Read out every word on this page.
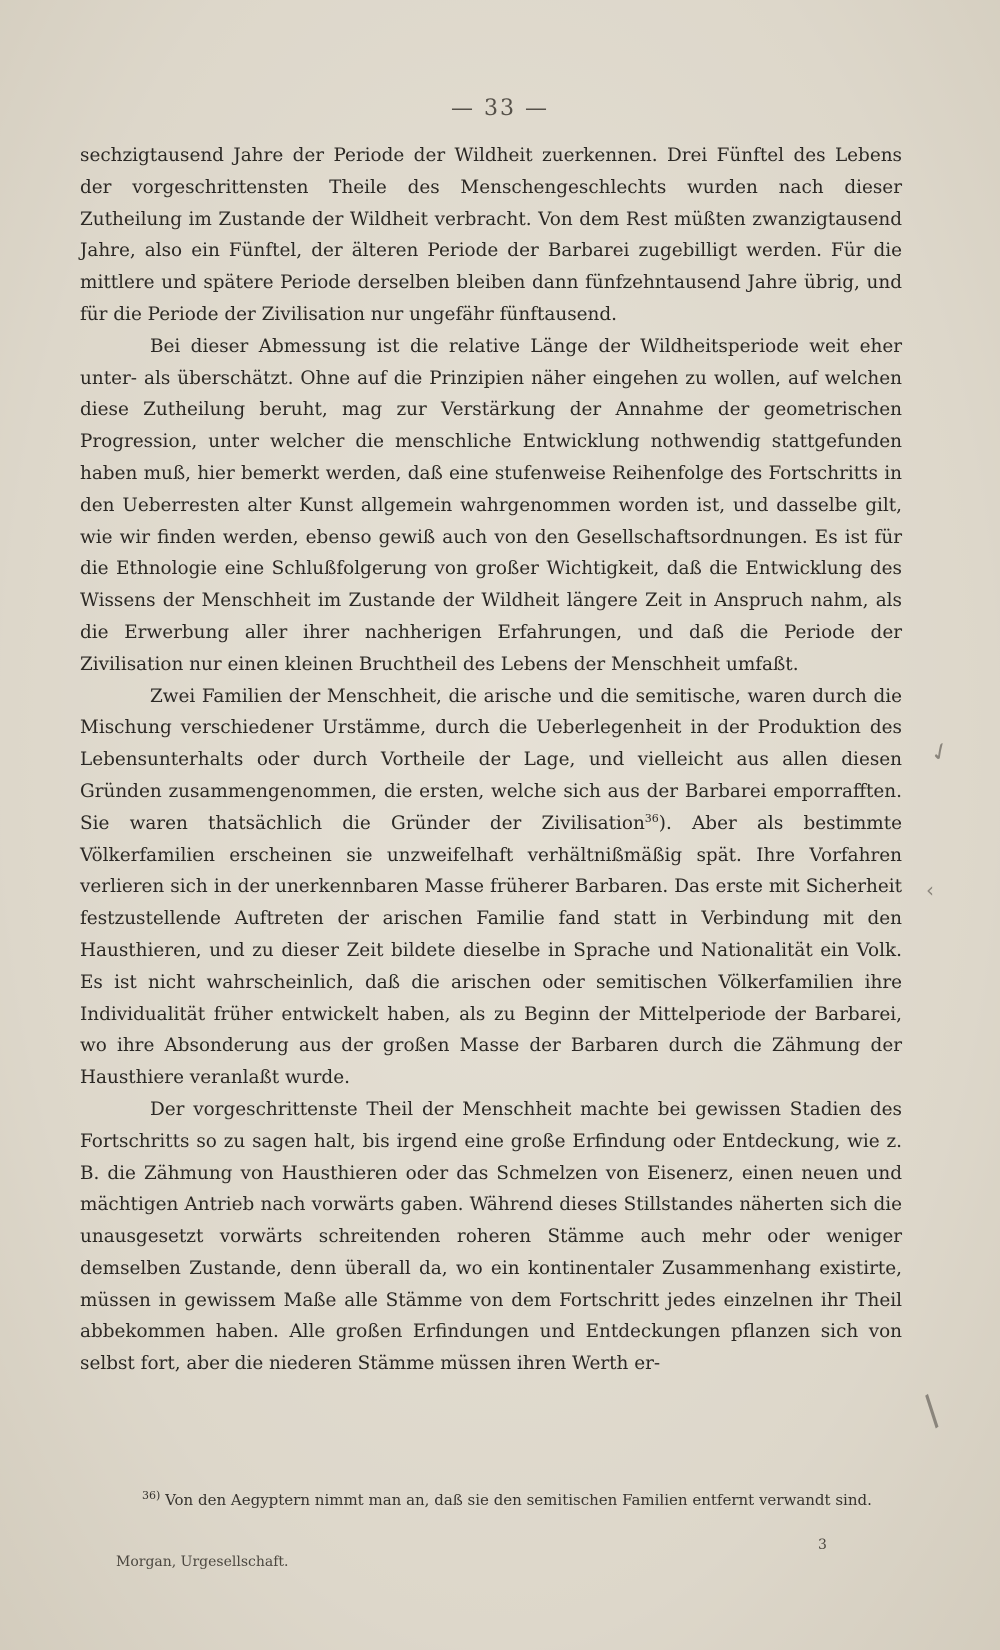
— 33 —

sechzigtausend Jahre der Periode der Wildheit zuerkennen. Drei Fünftel des Lebens der vorgeschrittensten Theile des Menschengeschlechts wurden nach dieser Zutheilung im Zustande der Wildheit verbracht. Von dem Rest müßten zwanzigtausend Jahre, also ein Fünftel, der älteren Periode der Barbarei zugebilligt werden. Für die mittlere und spätere Periode derselben bleiben dann fünfzehntausend Jahre übrig, und für die Periode der Zivilisation nur ungefähr fünftausend.

Bei dieser Abmessung ist die relative Länge der Wildheitsperiode weit eher unter- als überschätzt. Ohne auf die Prinzipien näher eingehen zu wollen, auf welchen diese Zutheilung beruht, mag zur Verstärkung der Annahme der geometrischen Progression, unter welcher die menschliche Entwicklung nothwendig stattgefunden haben muß, hier bemerkt werden, daß eine stufenweise Reihenfolge des Fortschritts in den Ueberresten alter Kunst allgemein wahrgenommen worden ist, und dasselbe gilt, wie wir finden werden, ebenso gewiß auch von den Gesellschaftsordnungen. Es ist für die Ethnologie eine Schlußfolgerung von großer Wichtigkeit, daß die Entwicklung des Wissens der Menschheit im Zustande der Wildheit längere Zeit in Anspruch nahm, als die Erwerbung aller ihrer nachherigen Erfahrungen, und daß die Periode der Zivilisation nur einen kleinen Bruchtheil des Lebens der Menschheit umfaßt.

Zwei Familien der Menschheit, die arische und die semitische, waren durch die Mischung verschiedener Urstämme, durch die Ueberlegenheit in der Produktion des Lebensunterhalts oder durch Vortheile der Lage, und vielleicht aus allen diesen Gründen zusammengenommen, die ersten, welche sich aus der Barbarei emporrafften. Sie waren thatsächlich die Gründer der Zivilisation$^{36}$). Aber als bestimmte Völkerfamilien erscheinen sie unzweifelhaft verhältnißmäßig spät. Ihre Vorfahren verlieren sich in der unerkennbaren Masse früherer Barbaren. Das erste mit Sicherheit festzustellende Auftreten der arischen Familie fand statt in Verbindung mit den Hausthieren, und zu dieser Zeit bildete dieselbe in Sprache und Nationalität ein Volk. Es ist nicht wahrscheinlich, daß die arischen oder semitischen Völkerfamilien ihre Individualität früher entwickelt haben, als zu Beginn der Mittelperiode der Barbarei, wo ihre Absonderung aus der großen Masse der Barbaren durch die Zähmung der Hausthiere veranlaßt wurde.

Der vorgeschrittenste Theil der Menschheit machte bei gewissen Stadien des Fortschritts so zu sagen halt, bis irgend eine große Erfindung oder Entdeckung, wie z. B. die Zähmung von Hausthieren oder das Schmelzen von Eisenerz, einen neuen und mächtigen Antrieb nach vorwärts gaben. Während dieses Stillstandes näherten sich die unausgesetzt vorwärts schreitenden roheren Stämme auch mehr oder weniger demselben Zustande, denn überall da, wo ein kontinentaler Zusammenhang existirte, müssen in gewissem Maße alle Stämme von dem Fortschritt jedes einzelnen ihr Theil abbekommen haben. Alle großen Erfindungen und Entdeckungen pflanzen sich von selbst fort, aber die niederen Stämme müssen ihren Werth er-

$^{36)}$ Von den Aegyptern nimmt man an, daß sie den semitischen Familien entfernt verwandt sind.
Morgan, Urgesellschaft.
3
✓
‹
/
